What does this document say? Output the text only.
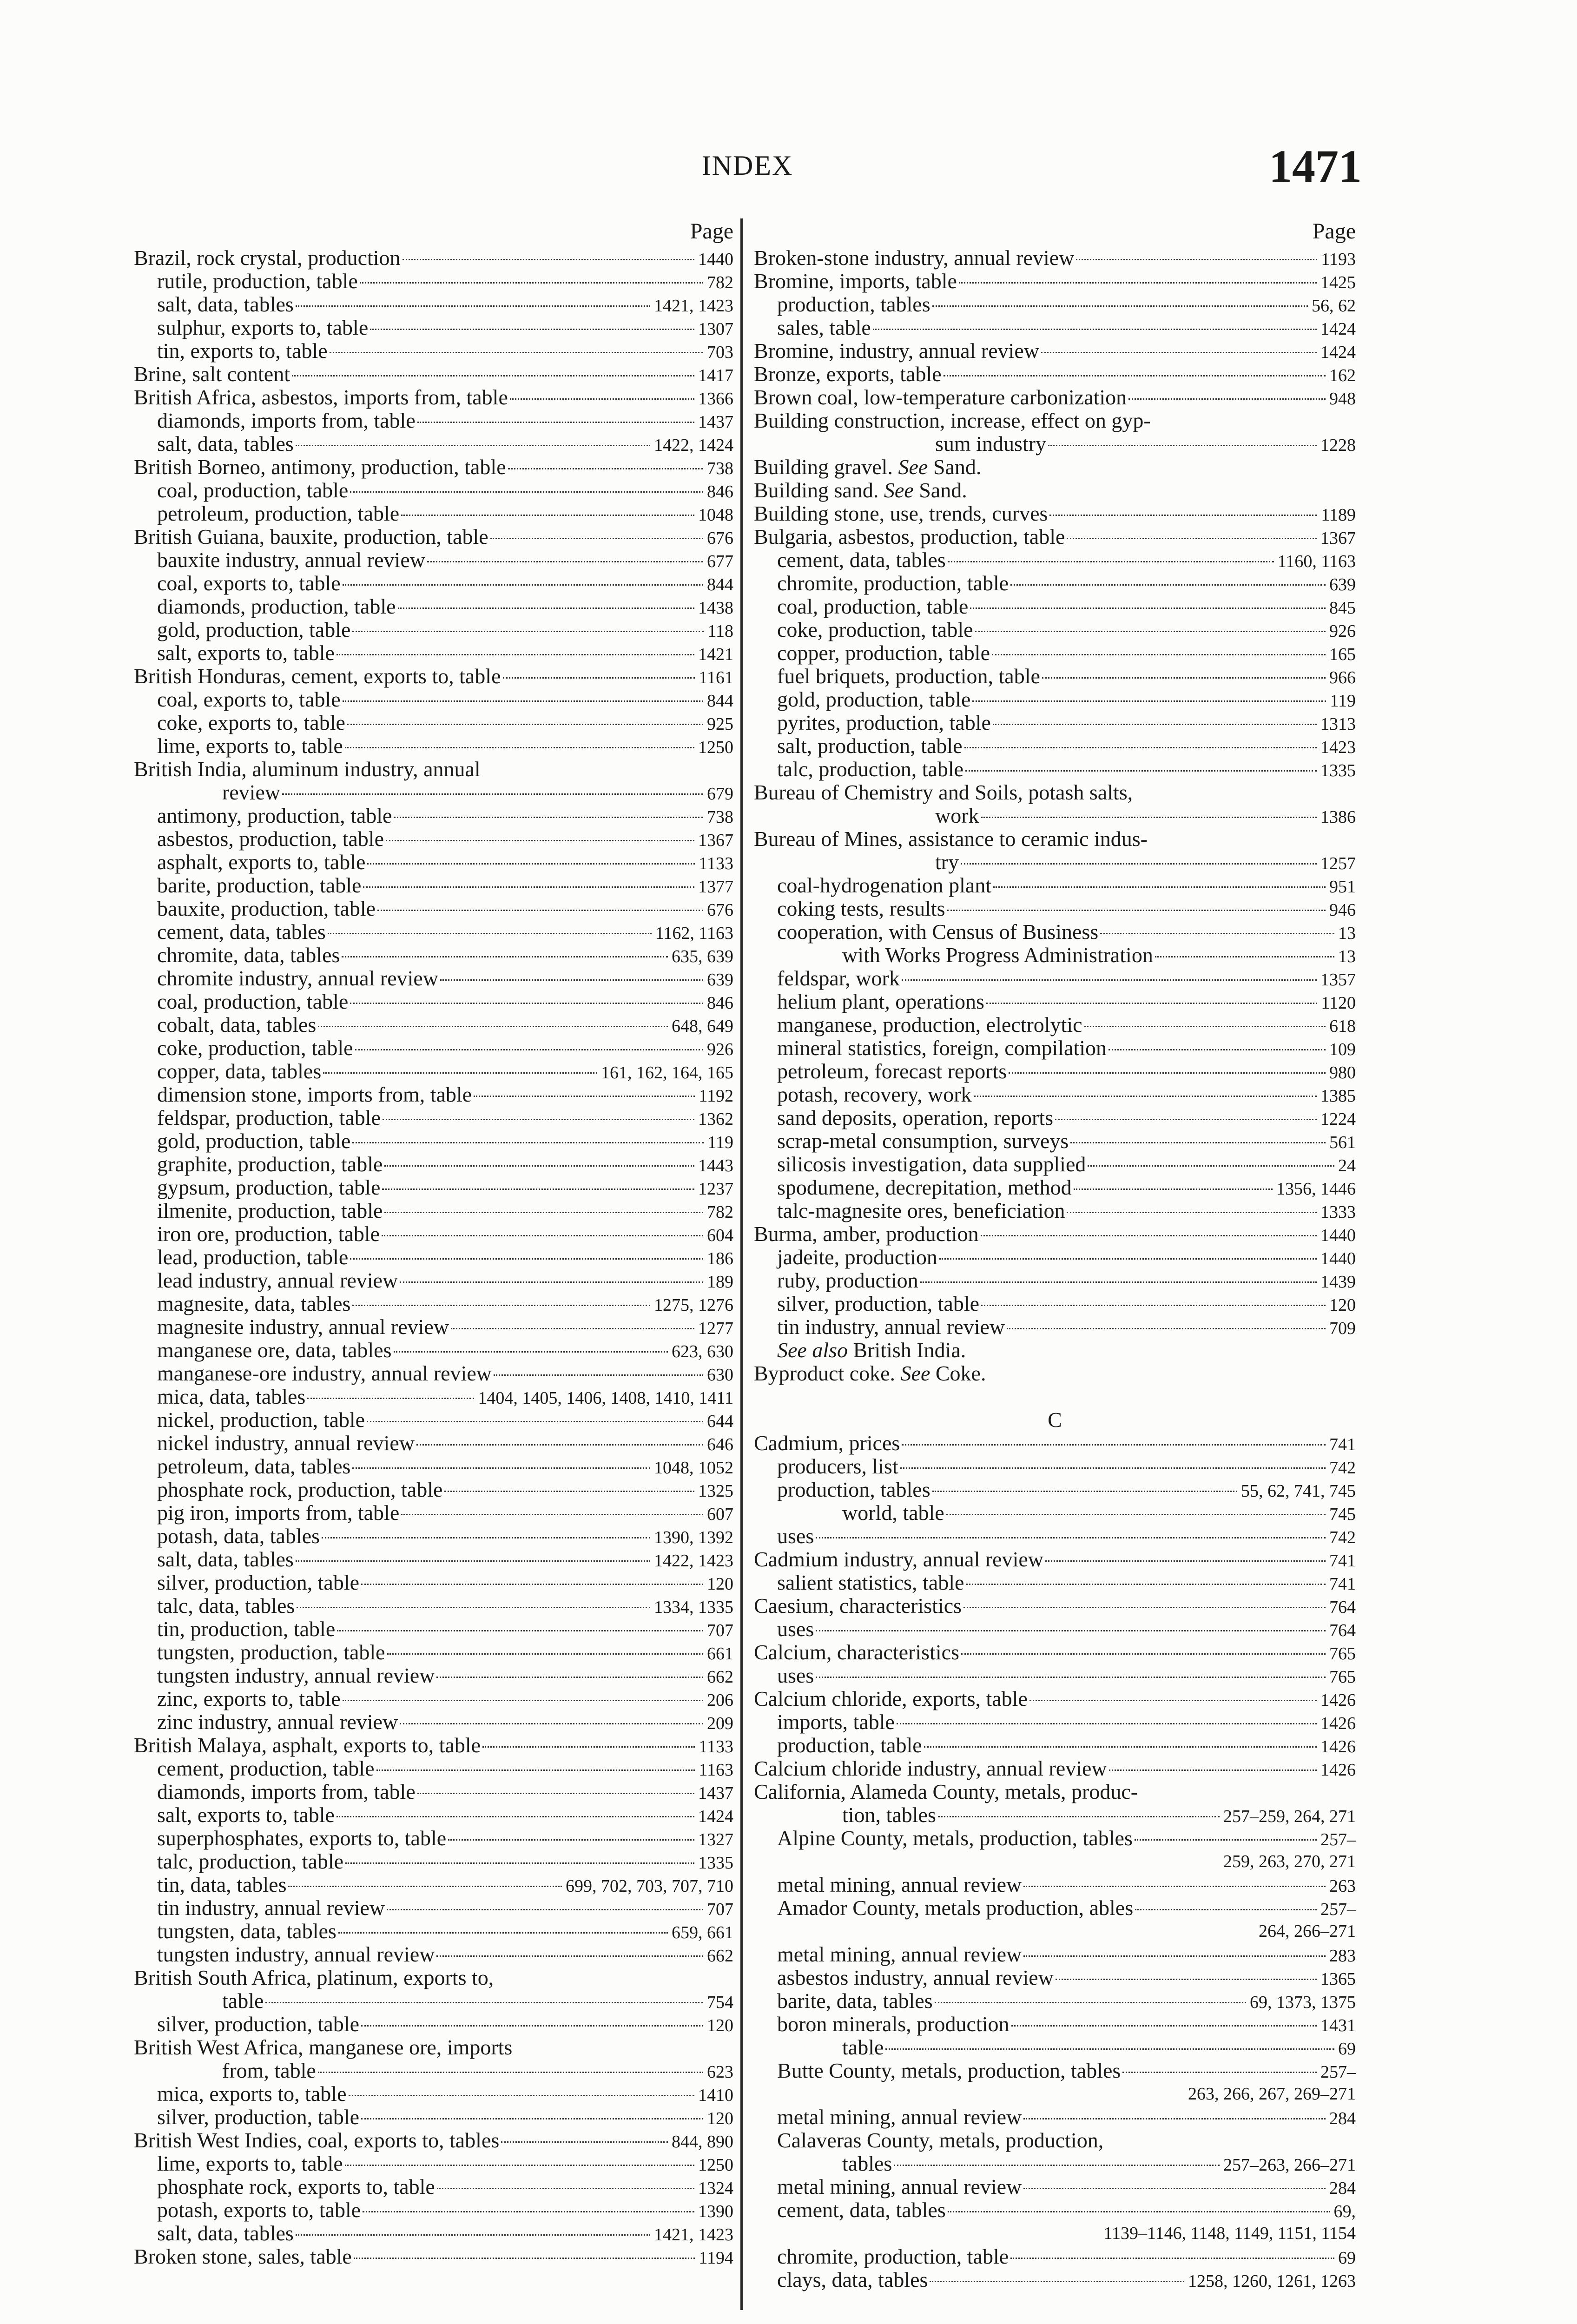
INDEX	1471
Page
Brazil, rock crystal, production	1440
rutile, production, table	782
salt, data, tables	1421, 1423
sulphur, exports to, table	1307
tin, exports to, table	703
Brine, salt content	1417
British Africa, asbestos, imports from, table	1366
diamonds, imports from, table	1437
salt, data, tables	1422, 1424
British Borneo, antimony, production, table	738
coal, production, table	846
petroleum, production, table	1048
British Guiana, bauxite, production, table	676
bauxite industry, annual review	677
coal, exports to, table	844
diamonds, production, table	1438
gold, production, table	118
salt, exports to, table	1421
British Honduras, cement, exports to, table	1161
coal, exports to, table	844
coke, exports to, table	925
lime, exports to, table	1250
British India, aluminum industry, annual
review	679
antimony, production, table	738
asbestos, production, table	1367
asphalt, exports to, table	1133
barite, production, table	1377
bauxite, production, table	676
cement, data, tables	1162, 1163
chromite, data, tables	635, 639
chromite industry, annual review	639
coal, production, table	846
cobalt, data, tables	648, 649
coke, production, table	926
copper, data, tables	161, 162, 164, 165
dimension stone, imports from, table	1192
feldspar, production, table	1362
gold, production, table	119
graphite, production, table	1443
gypsum, production, table	1237
ilmenite, production, table	782
iron ore, production, table	604
lead, production, table	186
lead industry, annual review	189
magnesite, data, tables	1275, 1276
magnesite industry, annual review	1277
manganese ore, data, tables	623, 630
manganese-ore industry, annual review	630
mica, data, tables	1404, 1405, 1406, 1408, 1410, 1411
nickel, production, table	644
nickel industry, annual review	646
petroleum, data, tables	1048, 1052
phosphate rock, production, table	1325
pig iron, imports from, table	607
potash, data, tables	1390, 1392
salt, data, tables	1422, 1423
silver, production, table	120
talc, data, tables	1334, 1335
tin, production, table	707
tungsten, production, table	661
tungsten industry, annual review	662
zinc, exports to, table	206
zinc industry, annual review	209
British Malaya, asphalt, exports to, table	1133
cement, production, table	1163
diamonds, imports from, table	1437
salt, exports to, table	1424
superphosphates, exports to, table	1327
talc, production, table	1335
tin, data, tables	699, 702, 703, 707, 710
tin industry, annual review	707
tungsten, data, tables	659, 661
tungsten industry, annual review	662
British South Africa, platinum, exports to,
table	754
silver, production, table	120
British West Africa, manganese ore, imports
from, table	623
mica, exports to, table	1410
silver, production, table	120
British West Indies, coal, exports to, tables	844, 890
lime, exports to, table	1250
phosphate rock, exports to, table	1324
potash, exports to, table	1390
salt, data, tables	1421, 1423
Broken stone, sales, table	1194
Page
Broken-stone industry, annual review	1193
Bromine, imports, table	1425
production, tables	56, 62
sales, table	1424
Bromine, industry, annual review	1424
Bronze, exports, table	162
Brown coal, low-temperature carbonization	948
Building construction, increase, effect on gyp-
sum industry	1228
Building gravel. See Sand.
Building sand. See Sand.
Building stone, use, trends, curves	1189
Bulgaria, asbestos, production, table	1367
cement, data, tables	1160, 1163
chromite, production, table	639
coal, production, table	845
coke, production, table	926
copper, production, table	165
fuel briquets, production, table	966
gold, production, table	119
pyrites, production, table	1313
salt, production, table	1423
talc, production, table	1335
Bureau of Chemistry and Soils, potash salts,
work	1386
Bureau of Mines, assistance to ceramic indus-
try	1257
coal-hydrogenation plant	951
coking tests, results	946
cooperation, with Census of Business	13
with Works Progress Administration	13
feldspar, work	1357
helium plant, operations	1120
manganese, production, electrolytic	618
mineral statistics, foreign, compilation	109
petroleum, forecast reports	980
potash, recovery, work	1385
sand deposits, operation, reports	1224
scrap-metal consumption, surveys	561
silicosis investigation, data supplied	24
spodumene, decrepitation, method	1356, 1446
talc-magnesite ores, beneficiation	1333
Burma, amber, production	1440
jadeite, production	1440
ruby, production	1439
silver, production, table	120
tin industry, annual review	709
See also British India.
Byproduct coke. See Coke.
C
Cadmium, prices	741
producers, list	742
production, tables	55, 62, 741, 745
world, table	745
uses	742
Cadmium industry, annual review	741
salient statistics, table	741
Caesium, characteristics	764
uses	764
Calcium, characteristics	765
uses	765
Calcium chloride, exports, table	1426
imports, table	1426
production, table	1426
Calcium chloride industry, annual review	1426
California, Alameda County, metals, produc-
tion, tables	257–259, 264, 271
Alpine County, metals, production, tables	257–
259, 263, 270, 271
metal mining, annual review	263
Amador County, metals production, ables	257–
264, 266–271
metal mining, annual review	283
asbestos industry, annual review	1365
barite, data, tables	69, 1373, 1375
boron minerals, production	1431
table	69
Butte County, metals, production, tables	257–
263, 266, 267, 269–271
metal mining, annual review	284
Calaveras County, metals, production,
tables	257–263, 266–271
metal mining, annual review	284
cement, data, tables	69,
1139–1146, 1148, 1149, 1151, 1154
chromite, production, table	69
clays, data, tables	1258, 1260, 1261, 1263
